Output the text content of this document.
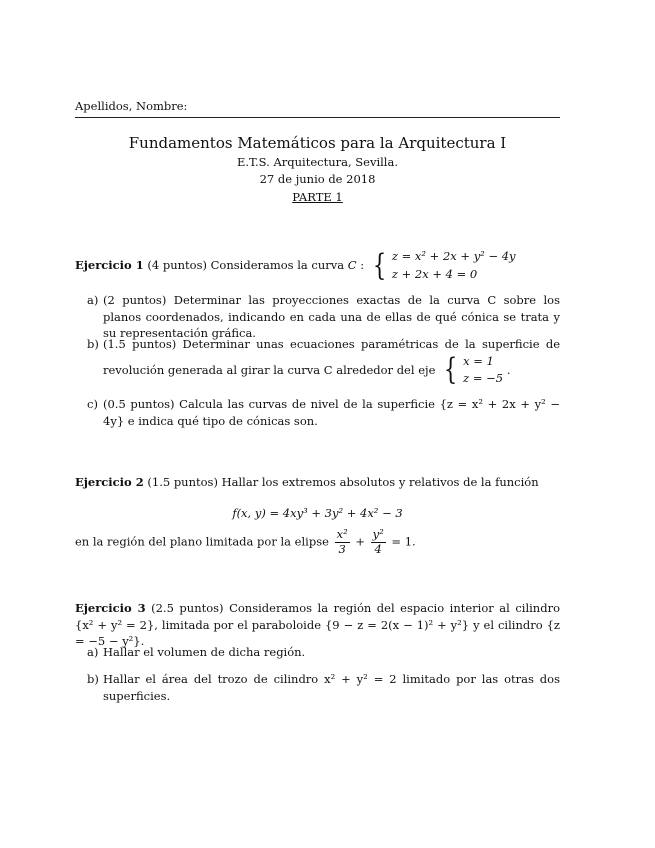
Apellidos, Nombre:
Fundamentos Matemáticos para la Arquitectura I
E.T.S. Arquitectura, Sevilla.
27 de junio de 2018
PARTE 1
Ejercicio 1 (4 puntos) Consideramos la curva C : { z = x² + 2x + y² − 4y
z + 2x + 4 = 0
a) (2 puntos) Determinar las proyecciones exactas de la curva C sobre los planos coordenados, indicando en cada una de ellas de qué cónica se trata y su representación gráfica.
b) (1.5 puntos) Determinar unas ecuaciones paramétricas de la superficie de revolución generada al girar la curva C alrededor del eje { x = 1
z = −5
.
c) (0.5 puntos) Calcula las curvas de nivel de la superficie {z = x² + 2x + y² − 4y} e indica qué tipo de cónicas son.
Ejercicio 2 (1.5 puntos) Hallar los extremos absolutos y relativos de la función
f(x, y) = 4xy³ + 3y² + 4x² − 3
en la región del plano limitada por la elipse $\frac{\text{x²}}{3} + \frac{\text{y²}}{4} = 1$.
Ejercicio 3 (2.5 puntos) Consideramos la región del espacio interior al cilindro {x² + y² = 2}, limitada por el paraboloide {9 − z = 2(x − 1)² + y²} y el cilindro {z = −5 − y²}.
a) Hallar el volumen de dicha región.
b) Hallar el área del trozo de cilindro x² + y² = 2 limitado por las otras dos superficies.
